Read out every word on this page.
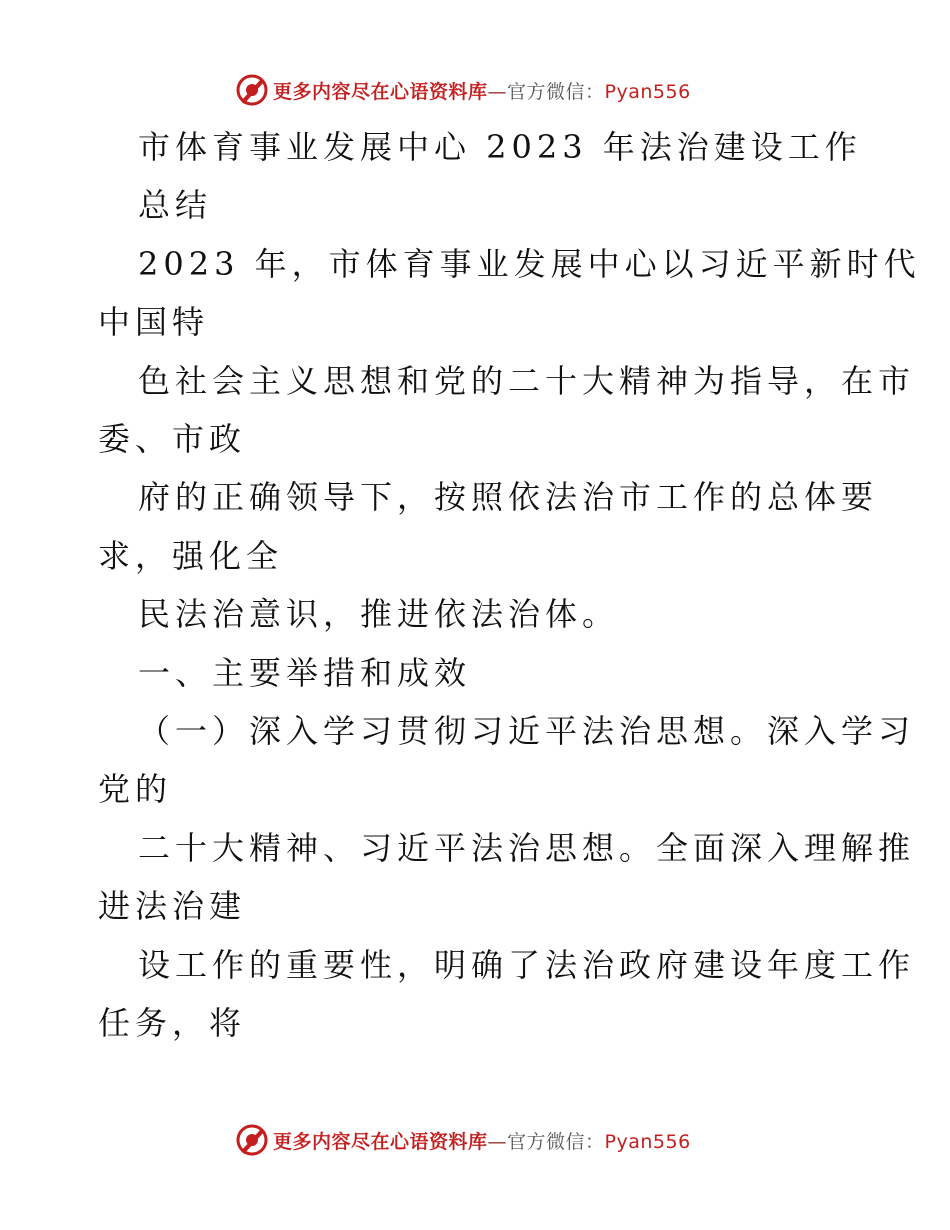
更多内容尽在心语资料库—官方微信：Pyan556
市体育事业发展中心 2023 年法治建设工作
总结
2023 年，市体育事业发展中心以习近平新时代
中国特
色社会主义思想和党的二十大精神为指导，在市
委、市政
府的正确领导下，按照依法治市工作的总体要
求，强化全
民法治意识，推进依法治体。
一、主要举措和成效
（一）深入学习贯彻习近平法治思想。深入学习
党的
二十大精神、习近平法治思想。全面深入理解推
进法治建
设工作的重要性，明确了法治政府建设年度工作
任务，将
更多内容尽在心语资料库—官方微信：Pyan556
